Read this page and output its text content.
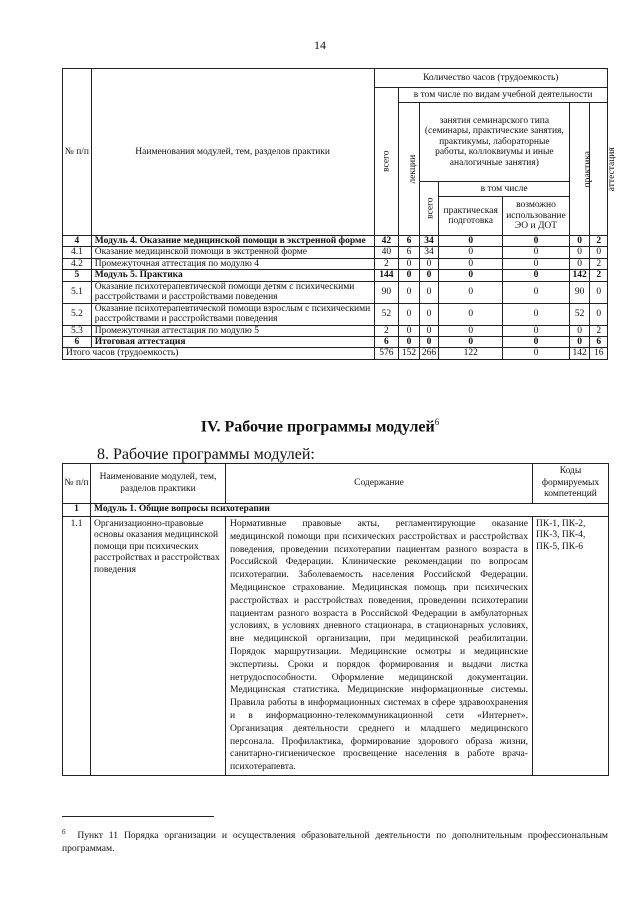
14
№ п/п	Наименования модулей, тем, разделов практики	Количество часов (трудоемкость)						
		всего	в том числе по видам учебной деятельности					
			лекции	занятия семинарского типа (семинары, практические занятия, практикумы, лабораторные работы, коллоквиумы и иные аналогичные занятия)			практика	аттестация
				всего	в том числе			
					практическая подготовка	возможно использование ЭО и ДОТ		
4	Модуль 4. Оказание медицинской помощи в экстренной форме	42	6	34	0	0	0	2
4.1	Оказание медицинской помощи в экстренной форме	40	6	34	0	0	0	0
4.2	Промежуточная аттестация по модулю 4	2	0	0	0	0	0	2
5	Модуль 5. Практика	144	0	0	0	0	142	2
5.1	Оказание психотерапевтической помощи детям с психическими расстройствами и расстройствами поведения	90	0	0	0	0	90	0
5.2	Оказание психотерапевтической помощи взрослым с психическими расстройствами и расстройствами поведения	52	0	0	0	0	52	0
5.3	Промежуточная аттестация по модулю 5	2	0	0	0	0	0	2
6	Итоговая аттестация	6	0	0	0	0	0	6
Итого часов (трудоемкость)		576	152	266	122	0	142	16
IV. Рабочие программы модулей$^6$
8. Рабочие программы модулей:
№ п/п	Наименование модулей, тем, разделов практики	Содержание	Коды формируемых компетенций
1	Модуль 1. Общие вопросы психотерапии		
1.1	Организационно-правовые основы оказания медицинской помощи при психических расстройствах и расстройствах поведения	Нормативные правовые акты, регламентирующие оказание медицинской помощи при психических расстройствах и расстройствах поведения, проведении психотерапии пациентам разного возраста в Российской Федерации. Клинические рекомендации по вопросам психотерапии. Заболеваемость населения Российской Федерации. Медицинское страхование. Медицинская помощь при психических расстройствах и расстройствах поведения, проведении психотерапии пациентам разного возраста в Российской Федерации в амбулаторных условиях, в условиях дневного стационара, в стационарных условиях, вне медицинской организации, при медицинской реабилитации. Порядок маршрутизации. Медицинские осмотры и медицинские экспертизы. Сроки и порядок формирования и выдачи листка нетрудоспособности. Оформление медицинской документации. Медицинская статистика. Медицинские информационные системы. Правила работы в информационных системах в сфере здравоохранения и в информационно-телекоммуникационной сети «Интернет». Организация деятельности среднего и младшего медицинского персонала. Профилактика, формирование здорового образа жизни, санитарно-гигиеническое просвещение населения в работе врача-психотерапевта.	ПК-1, ПК-2, ПК-3, ПК-4, ПК-5, ПК-6
$^6$ Пункт 11 Порядка организации и осуществления образовательной деятельности по дополнительным профессиональным программам.
